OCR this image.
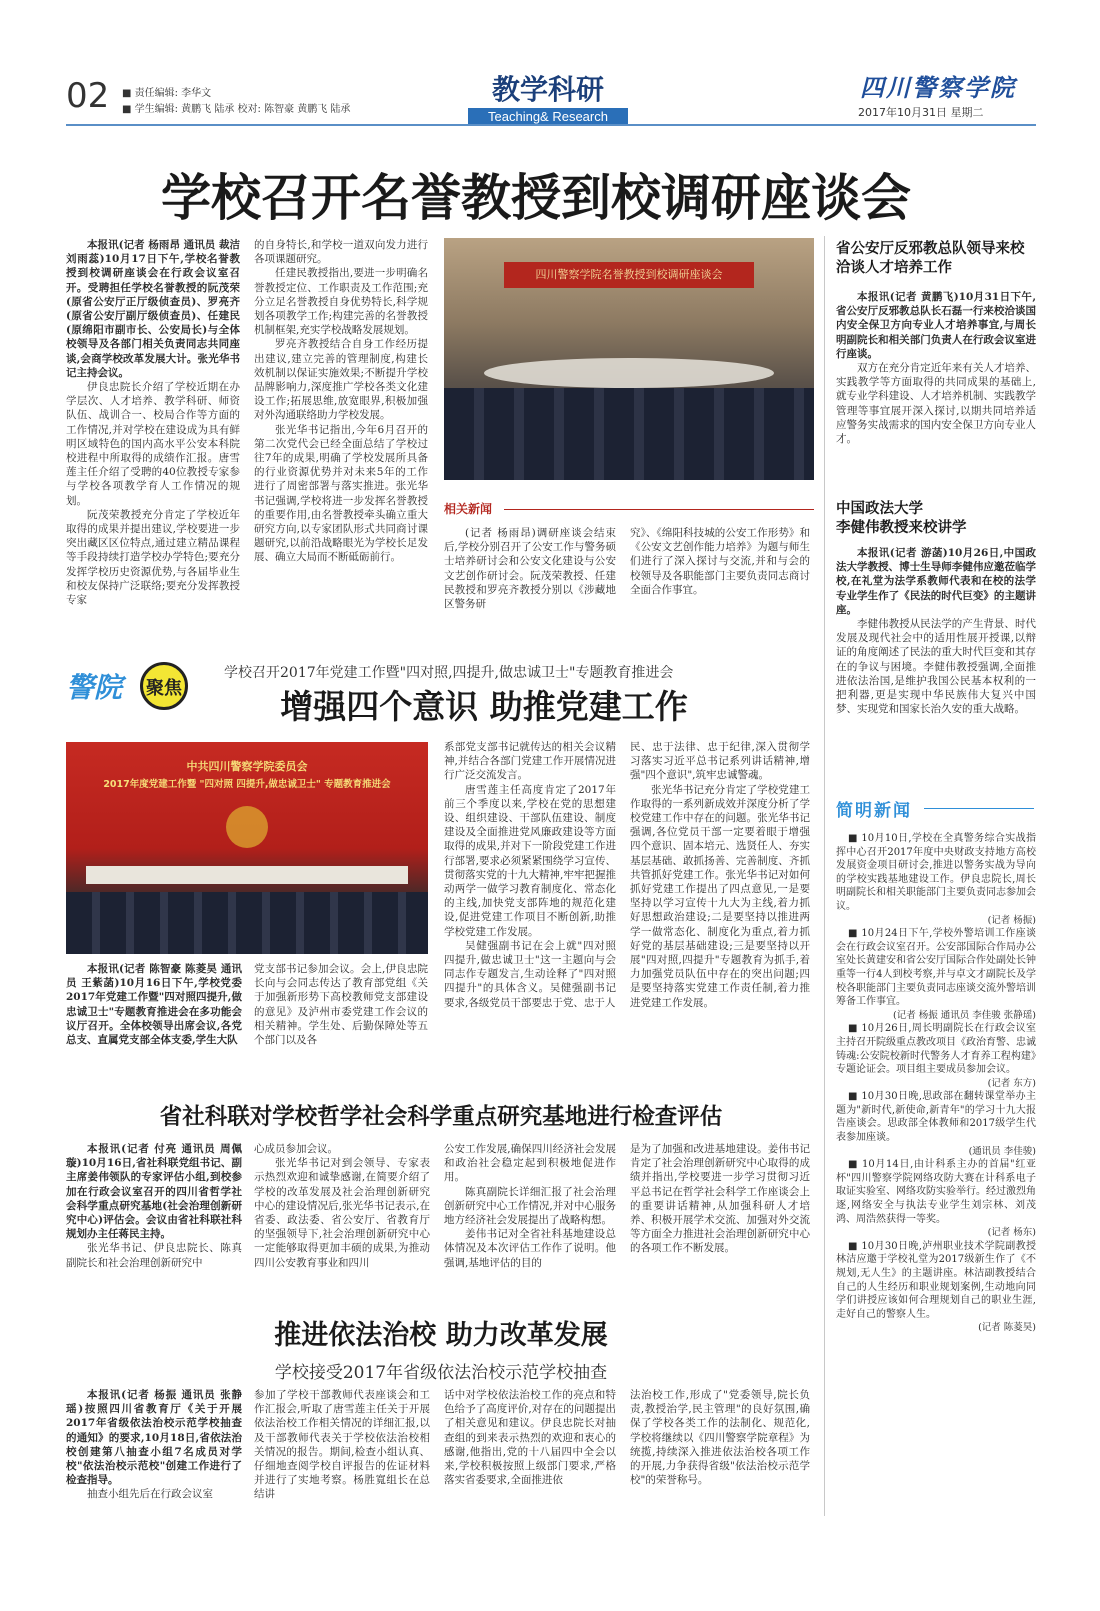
02 ■ 责任编辑: 李华文
■ 学生编辑: 黄鹏飞 陆承 校对: 陈智豪 黄鹏飞 陆承
教学科研
Teaching& Research
四川警察学院
2017年10月31日 星期二
学校召开名誉教授到校调研座谈会

本报讯(记者 杨雨昂 通讯员 裁洁 刘雨蕊)10月17日下午,学校名誉教授到校调研座谈会在行政会议室召开。受聘担任学校名誉教授的阮茂荣(原省公安厅正厅级侦查员)、罗亮齐(原省公安厅副厅级侦查员)、任建民(原绵阳市副市长、公安局长)与全体校领导及各部门相关负责同志共同座谈,会商学校改革发展大计。张光华书记主持会议。

伊良忠院长介绍了学校近期在办学层次、人才培养、教学科研、师资队伍、战训合一、校局合作等方面的工作情况,并对学校在建设成为具有鲜明区域特色的国内高水平公安本科院校进程中所取得的成绩作汇报。唐雪莲主任介绍了受聘的40位教授专家参与学校各项教学育人工作情况的规划。

阮茂荣教授充分肯定了学校近年取得的成果并提出建议,学校要进一步突出藏区区位特点,通过建立精品课程等手段持续打造学校办学特色;要充分发挥学校历史资源优势,与各届毕业生和校友保持广泛联络;要充分发挥教授专家

的自身特长,和学校一道双向发力进行各项课题研究。

任建民教授指出,要进一步明确名誉教授定位、工作职责及工作范围;充分立足名誉教授自身优势特长,科学规划各项教学工作;构建完善的名誉教授机制框架,充实学校战略发展规划。

罗亮齐教授结合自身工作经历提出建议,建立完善的管理制度,构建长效机制以保证实施效果;不断提升学校品牌影响力,深度推广学校各类文化建设工作;拓展思维,放宽眼界,积极加强对外沟通联络助力学校发展。

张光华书记指出,今年6月召开的第二次党代会已经全面总结了学校过往7年的成果,明确了学校发展所具备的行业资源优势并对未来5年的工作进行了周密部署与落实推进。张光华书记强调,学校将进一步发挥名誉教授的重要作用,由名誉教授牵头确立重大研究方向,以专家团队形式共同商讨课题研究,以前沿战略眼光为学校长足发展、确立大局而不断砥砺前行。

四川警察学院名誉教授到校调研座谈会
相关新闻

(记者 杨雨昂)调研座谈会结束后,学校分别召开了公安工作与警务硕士培养研讨会和公安文化建设与公安文艺创作研讨会。阮茂荣教授、任建民教授和罗亮齐教授分别以《涉藏地区警务研

究》、《绵阳科技城的公安工作形势》和《公安文艺创作能力培养》为题与师生们进行了深入探讨与交流,并和与会的校领导及各职能部门主要负责同志商讨全面合作事宜。

省公安厅反邪教总队领导来校洽谈人才培养工作

本报讯(记者 黄鹏飞)10月31日下午,省公安厅反邪教总队长石磊一行来校洽谈国内安全保卫方向专业人才培养事宜,与周长明副院长和相关部门负责人在行政会议室进行座谈。

双方在充分肯定近年来有关人才培养、实践教学等方面取得的共同成果的基础上,就专业学科建设、人才培养机制、实践教学管理等事宜展开深入探讨,以期共同培养适应警务实战需求的国内安全保卫方向专业人才。

中国政法大学
李健伟教授来校讲学

本报讯(记者 游菡)10月26日,中国政法大学教授、博士生导师李健伟应邀莅临学校,在礼堂为法学系教师代表和在校的法学专业学生作了《民法的时代巨变》的主题讲座。

李健伟教授从民法学的产生背景、时代发展及现代社会中的适用性展开授课,以辩证的角度阐述了民法的重大时代巨变和其存在的争议与困境。李健伟教授强调,全面推进依法治国,是维护我国公民基本权利的一把利器,更是实现中华民族伟大复兴中国梦、实现党和国家长治久安的重大战略。

警院 聚焦
学校召开2017年党建工作暨"四对照,四提升,做忠诚卫士"专题教育推进会
增强四个意识 助推党建工作
中共四川警察学院委员会
2017年度党建工作暨 "四对照 四提升,做忠诚卫士" 专题教育推进会

本报讯(记者 陈智豪 陈菱昊 通讯员 王紫菡)10月16日下午,学校党委2017年党建工作暨"四对照四提升,做忠诚卫士"专题教育推进会在多功能会议厅召开。全体校领导出席会议,各党总支、直属党支部全体支委,学生大队

党支部书记参加会议。会上,伊良忠院长向与会同志传达了教育部党组《关于加强新形势下高校教师党支部建设的意见》及泸州市委党建工作会议的相关精神。学生处、后勤保障处等五个部门以及各

系部党支部书记就传达的相关会议精神,并结合各部门党建工作开展情况进行广泛交流发言。

唐雪莲主任高度肯定了2017年前三个季度以来,学校在党的思想建设、组织建设、干部队伍建设、制度建设及全面推进党风廉政建设等方面取得的成果,并对下一阶段党建工作进行部署,要求必须紧紧围绕学习宣传、贯彻落实党的十九大精神,牢牢把握推动两学一做学习教育制度化、常态化的主线,加快党支部阵地的规范化建设,促进党建工作项目不断创新,助推学校党建工作发展。

吴健强副书记在会上就"四对照四提升,做忠诚卫士"这一主题向与会同志作专题发言,生动诠释了"四对照四提升"的具体含义。吴健强副书记要求,各级党员干部要忠于党、忠于人

民、忠于法律、忠于纪律,深入贯彻学习落实习近平总书记系列讲话精神,增强"四个意识",筑牢忠诚警魂。

张光华书记充分肯定了学校党建工作取得的一系列新成效并深度分析了学校党建工作中存在的问题。张光华书记强调,各位党员干部一定要着眼于增强四个意识、固本培元、选贤任人、夯实基层基础、敢抓扬善、完善制度、齐抓共管抓好党建工作。张光华书记对如何抓好党建工作提出了四点意见,一是要坚持以学习宣传十九大为主线,着力抓好思想政治建设;二是要坚持以推进两学一做常态化、制度化为重点,着力抓好党的基层基础建设;三是要坚持以开展"四对照,四提升"专题教育为抓手,着力加强党员队伍中存在的突出问题;四是要坚持落实党建工作责任制,着力推进党建工作发展。

省社科联对学校哲学社会科学重点研究基地进行检查评估

本报讯(记者 付亮 通讯员 周佩璇)10月16日,省社科联党组书记、副主席姜伟领队的专家评估小组,到校参加在行政会议室召开的四川省哲学社会科学重点研究基地(社会治理创新研究中心)评估会。会议由省社科联社科规划办主任蒋民主持。

张光华书记、伊良忠院长、陈真副院长和社会治理创新研究中

心成员参加会议。

张光华书记对到会领导、专家表示热烈欢迎和诚挚感谢,在简要介绍了学校的改革发展及社会治理创新研究中心的建设情况后,张光华书记表示,在省委、政法委、省公安厅、省教育厅的坚强领导下,社会治理创新研究中心一定能够取得更加丰硕的成果,为推动四川公安教育事业和四川

公安工作发展,确保四川经济社会发展和政治社会稳定起到积极地促进作用。

陈真副院长详细汇报了社会治理创新研究中心工作情况,并对中心服务地方经济社会发展提出了战略构想。

姜伟书记对全省社科基地建设总体情况及本次评估工作作了说明。他强调,基地评估的目的

是为了加强和改进基地建设。姜伟书记肯定了社会治理创新研究中心取得的成绩并指出,学校要进一步学习贯彻习近平总书记在哲学社会科学工作座谈会上的重要讲话精神,从加强科研人才培养、积极开展学术交流、加强对外交流等方面全力推进社会治理创新研究中心的各项工作不断发展。

推进依法治校 助力改革发展
学校接受2017年省级依法治校示范学校抽查

本报讯(记者 杨振 通讯员 张静瑶)按照四川省教育厅《关于开展2017年省级依法治校示范学校抽查的通知》的要求,10月18日,省依法治校创建第八抽查小组7名成员对学校"依法治校示范校"创建工作进行了检查指导。

抽查小组先后在行政会议室

参加了学校干部教师代表座谈会和工作汇报会,听取了唐雪莲主任关于开展依法治校工作相关情况的详细汇报,以及干部教师代表关于学校依法治校相关情况的报告。期间,检查小组认真、仔细地查阅学校自评报告的佐证材料并进行了实地考察。杨胜寬组长在总结讲

话中对学校依法治校工作的亮点和特色给予了高度评价,对存在的问题提出了相关意见和建议。伊良忠院长对抽查组的到来表示热烈的欢迎和衷心的感谢,他指出,党的十八届四中全会以来,学校积极按照上级部门要求,严格落实省委要求,全面推进依

法治校工作,形成了"党委领导,院长负责,教授治学,民主管理"的良好氛围,确保了学校各类工作的法制化、规范化,学校将继续以《四川警察学院章程》为统揽,持续深入推进依法治校各项工作的开展,力争获得省级"依法治校示范学校"的荣誉称号。

简明新闻
■ 10月10日,学校在全真警务综合实战指挥中心召开2017年度中央财政支持地方高校发展资金项目研讨会,推进以警务实战为导向的学校实践基地建设工作。伊良忠院长,周长明副院长和相关职能部门主要负责同志参加会议。
(记者 杨振)
■ 10月24日下午,学校外警培训工作座谈会在行政会议室召开。公安部国际合作局办公室处长黄建安和省公安厅国际合作处副处长钟重等一行4人到校考察,并与卓文才副院长及学校各职能部门主要负责同志座谈交流外警培训筹备工作事宜。
(记者 杨振 通讯员 李佳骏 张静瑶)
■ 10月26日,周长明副院长在行政会议室主持召开院级重点教改项目《政治育警、忠诚铸魂:公安院校新时代警务人才育养工程构建》专题论证会。项目组主要成员参加会议。
(记者 东方)
■ 10月30日晚,思政部在翻转课堂举办主题为"新时代,新使命,新青年"的学习十九大报告座谈会。思政部全体教师和2017级学生代表参加座谈。
(通讯员 李佳骏)
■ 10月14日,由计科系主办的首届"红亚杯"四川警察学院网络攻防大赛在计科系电子取证实验室、网络攻防实验举行。经过激烈角逐,网络安全与执法专业学生刘宗林、刘茂鸿、周浩然获得一等奖。
(记者 杨东)
■ 10月30日晚,泸州职业技术学院副教授林洁应邀于学校礼堂为2017级新生作了《不规划,无人生》的主题讲座。林洁副教授结合自己的人生经历和职业规划案例,生动地向同学们讲授应该如何合理规划自己的职业生涯,走好自己的警察人生。
(记者 陈菱昊)
